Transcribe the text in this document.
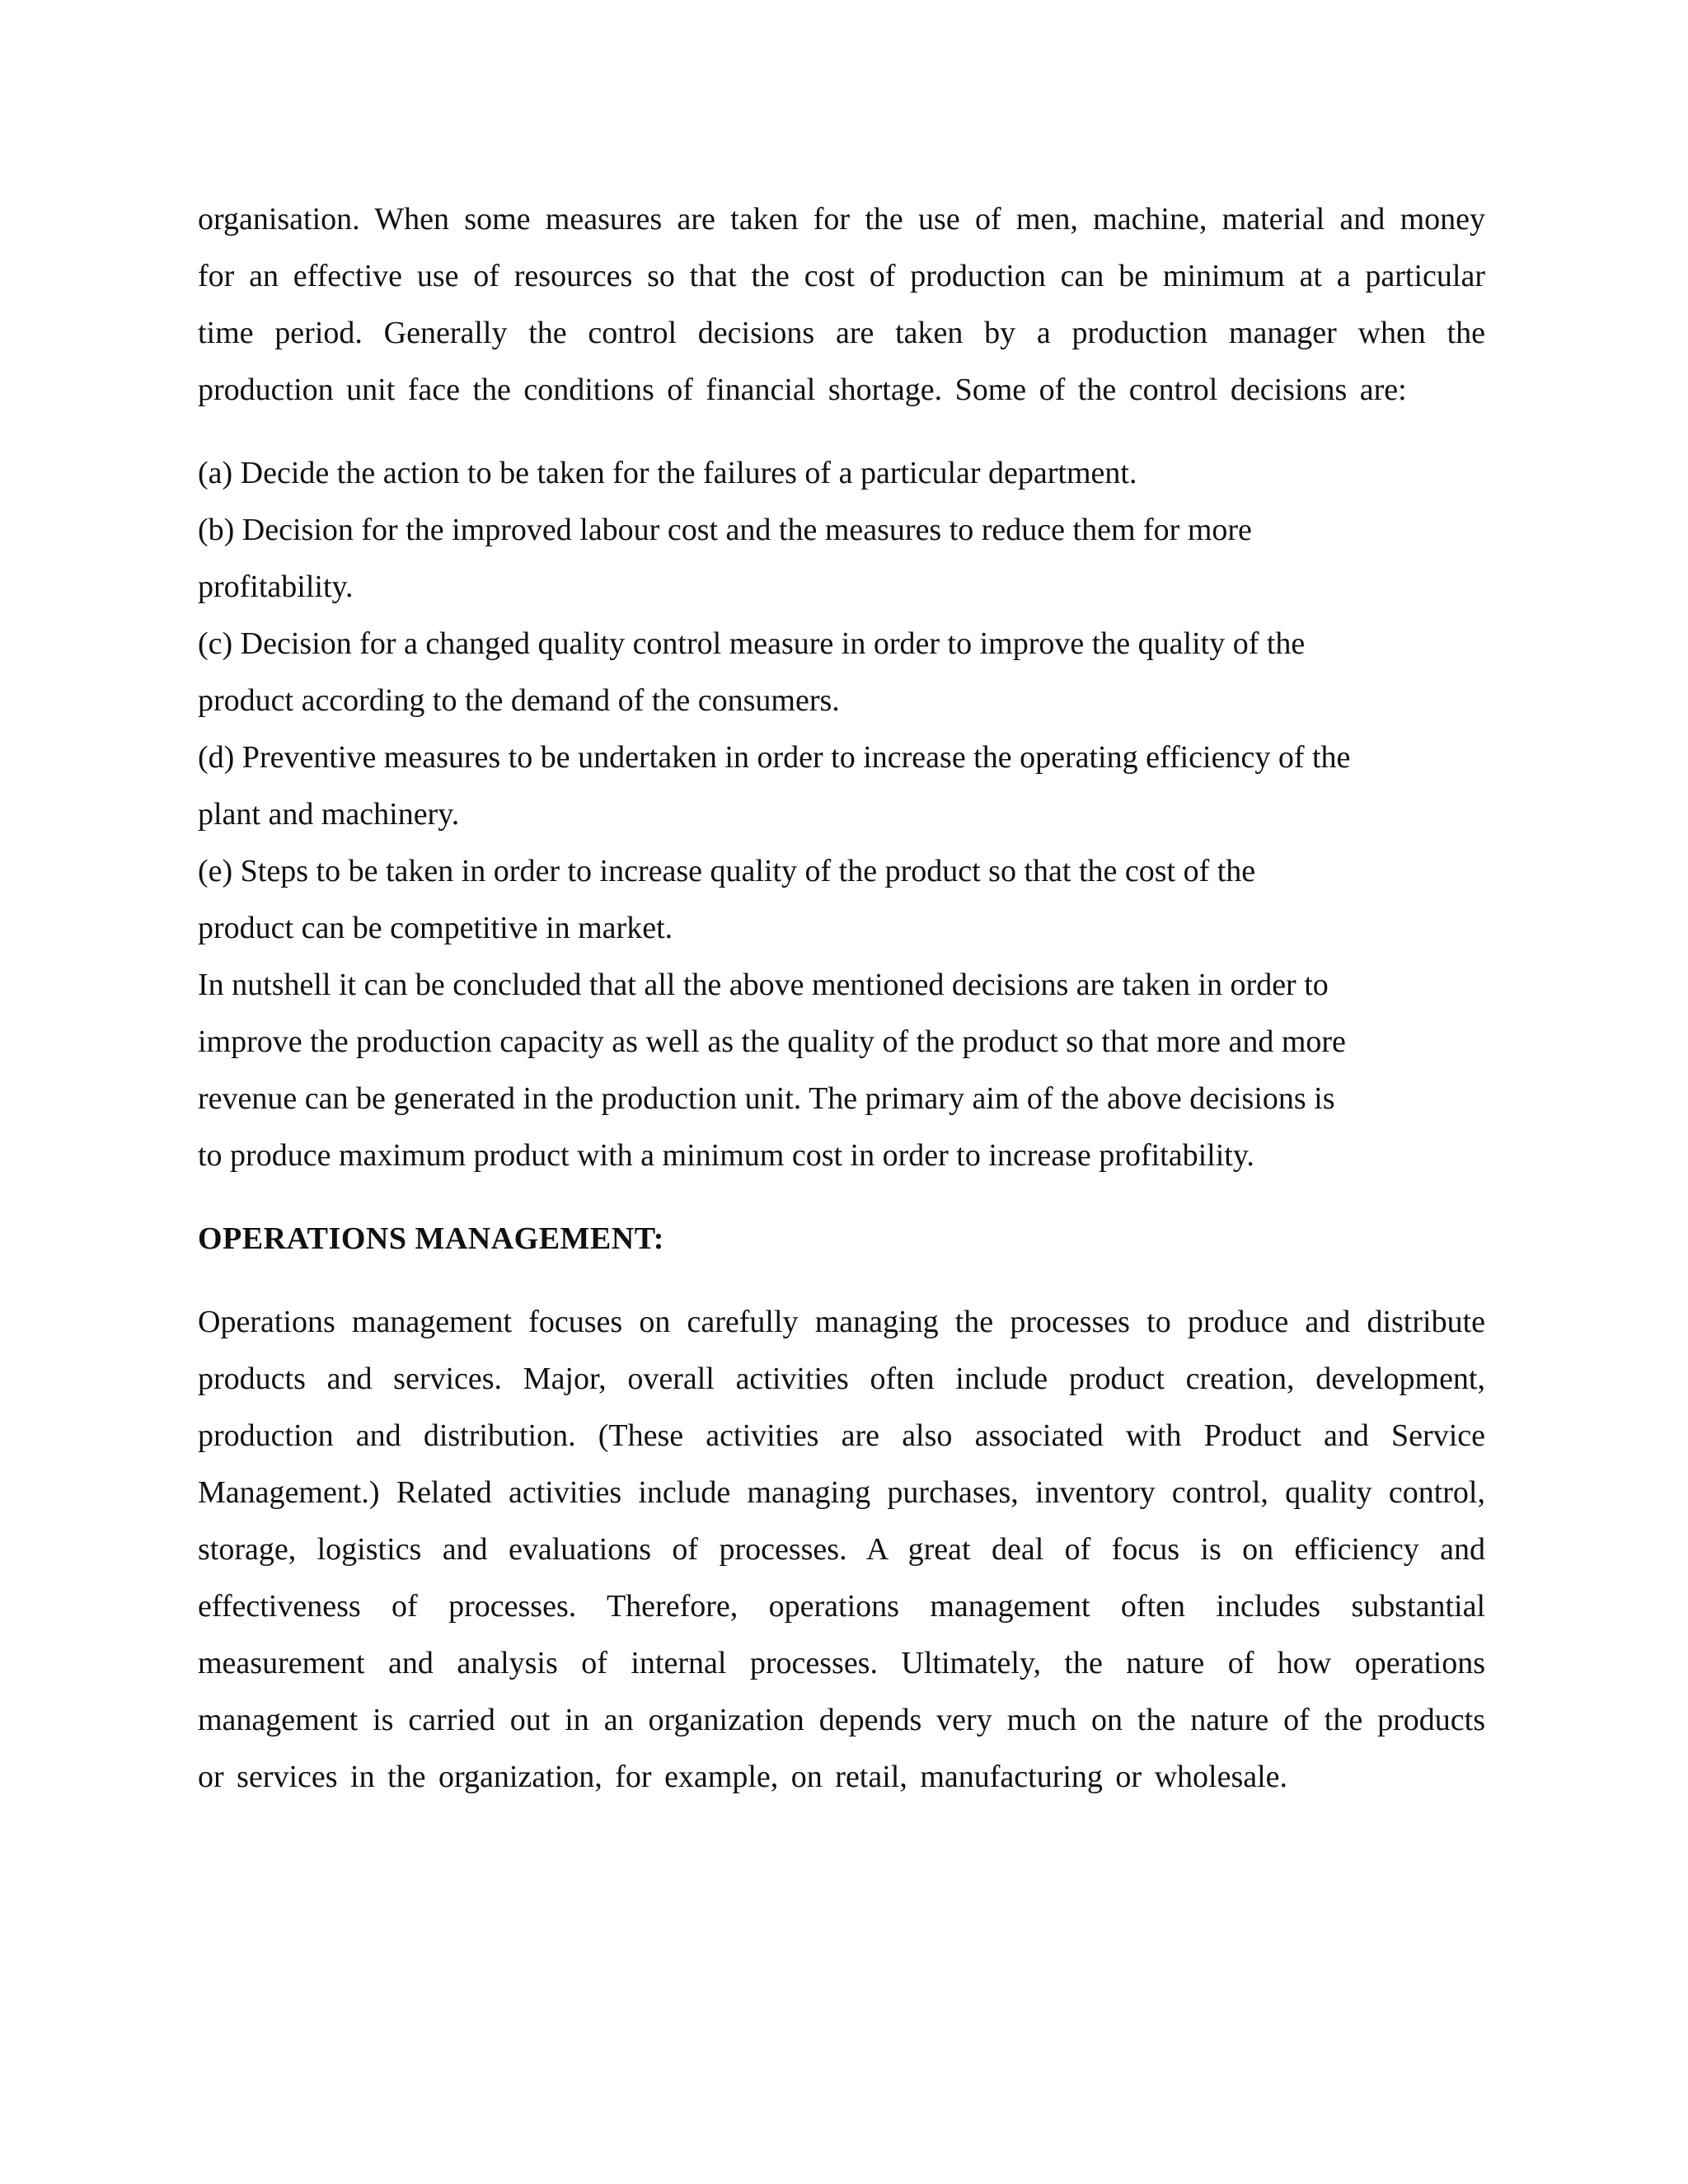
organisation. When some measures are taken for the use of men, machine, material and money for an effective use of resources so that the cost of production can be minimum at a particular time period. Generally the control decisions are taken by a production manager when the production unit face the conditions of financial shortage. Some of the control decisions are:

(a) Decide the action to be taken for the failures of a particular department.

(b) Decision for the improved labour cost and the measures to reduce them for more profitability.

(c) Decision for a changed quality control measure in order to improve the quality of the product according to the demand of the consumers.

(d) Preventive measures to be undertaken in order to increase the operating efficiency of the plant and machinery.

(e) Steps to be taken in order to increase quality of the product so that the cost of the product can be competitive in market.

In nutshell it can be concluded that all the above mentioned decisions are taken in order to improve the production capacity as well as the quality of the product so that more and more revenue can be generated in the production unit. The primary aim of the above decisions is to produce maximum product with a minimum cost in order to increase profitability.

OPERATIONS MANAGEMENT:

Operations management focuses on carefully managing the processes to produce and distribute products and services. Major, overall activities often include product creation, development, production and distribution. (These activities are also associated with Product and Service Management.) Related activities include managing purchases, inventory control, quality control, storage, logistics and evaluations of processes. A great deal of focus is on efficiency and effectiveness of processes. Therefore, operations management often includes substantial measurement and analysis of internal processes. Ultimately, the nature of how operations management is carried out in an organization depends very much on the nature of the products or services in the organization, for example, on retail, manufacturing or wholesale.
